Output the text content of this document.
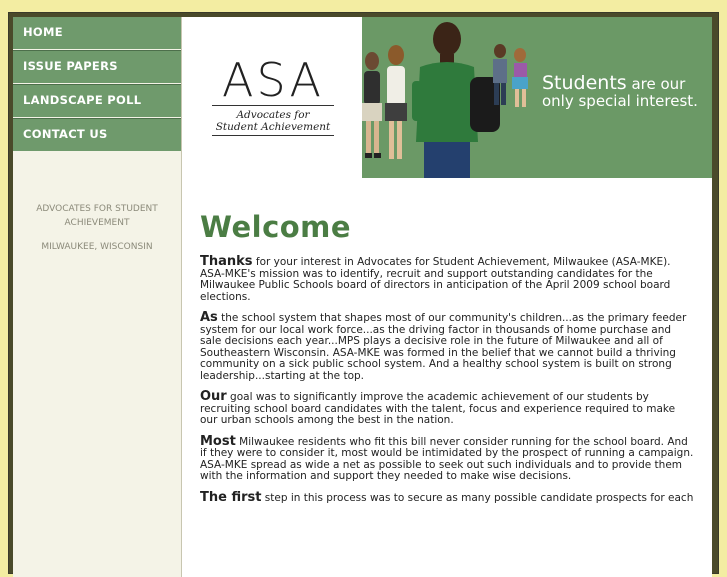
HOME
ISSUE PAPERS
LANDSCAPE POLL
CONTACT US
ADVOCATES FOR STUDENT ACHIEVEMENT
MILWAUKEE, WISCONSIN
ASA
Advocates for
Student Achievement
Students are our
only special interest.
Welcome

Thanks for your interest in Advocates for Student Achievement, Milwaukee (ASA-MKE). ASA-MKE's mission was to identify, recruit and support outstanding candidates for the Milwaukee Public Schools board of directors in anticipation of the April 2009 school board elections.

As the school system that shapes most of our community's children...as the primary feeder system for our local work force...as the driving factor in thousands of home purchase and sale decisions each year...MPS plays a decisive role in the future of Milwaukee and all of Southeastern Wisconsin. ASA-MKE was formed in the belief that we cannot build a thriving community on a sick public school system. And a healthy school system is built on strong leadership...starting at the top.

Our goal was to significantly improve the academic achievement of our students by recruiting school board candidates with the talent, focus and experience required to make our urban schools among the best in the nation.

Most Milwaukee residents who fit this bill never consider running for the school board. And if they were to consider it, most would be intimidated by the prospect of running a campaign. ASA-MKE spread as wide a net as possible to seek out such individuals and to provide them with the information and support they needed to make wise decisions.

The first step in this process was to secure as many possible candidate prospects for each
